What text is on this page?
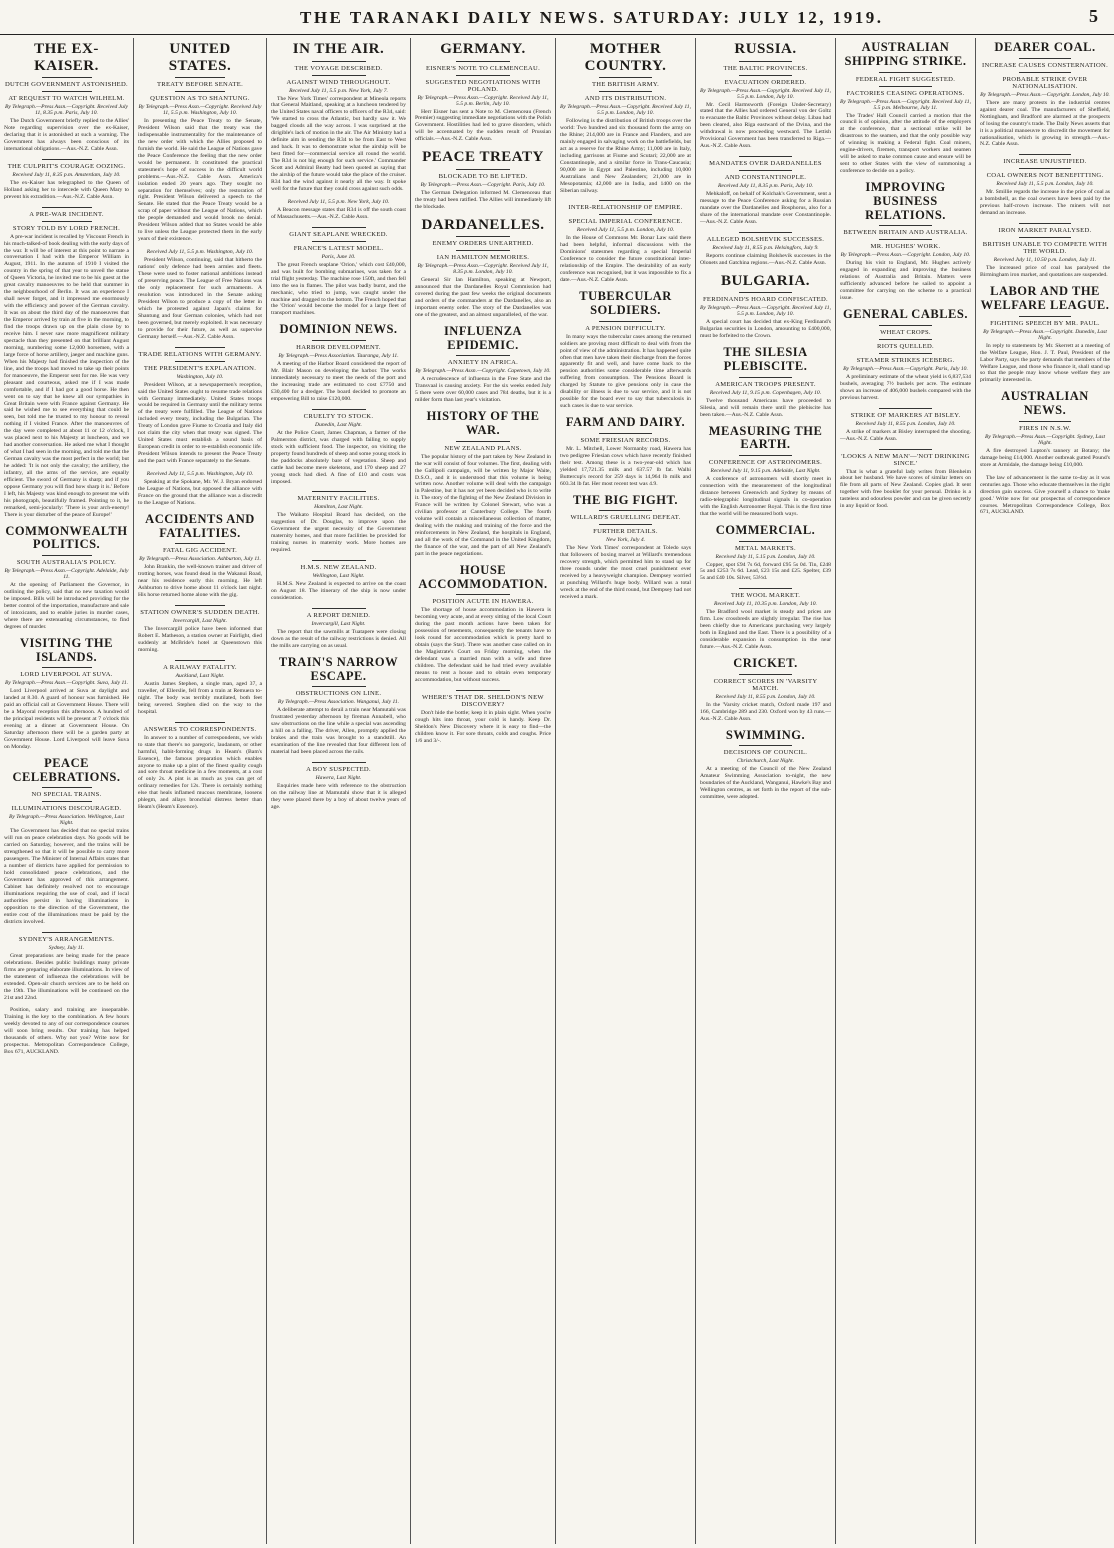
THE TARANAKI DAILY NEWS. SATURDAY: JULY 12, 1919.	5
THE EX-KAISER.
DUTCH GOVERNMENT ASTONISHED.
AT REQUEST TO WATCH WILHELM.
By Telegraph.—Press Assn.—Copyright. Received July 11, 8.35 p.m. Paris, July 10.

The Dutch Government briefly replied to the Allies' Note regarding supervision over the ex-Kaiser, declaring that it is astonished at such a warning. The Government has always been conscious of its international obligations.—Aus.-N.Z. Cable Assn.

THE CULPRIT'S COURAGE OOZING.
Received July 11, 8.35 p.m. Amsterdam, July 10.

The ex-Kaiser has telegraphed to the Queen of Holland asking her to intercede with Queen Mary to prevent his extradition.—Aus.-N.Z. Cable Assn.

A PRE-WAR INCIDENT.
STORY TOLD BY LORD FRENCH.

A pre-war incident is recalled by Viscount French in his much-talked-of book dealing with the early days of the war. It will be of interest at this point to narrate a conversation I had with the Emperor William in August, 1911. In the autumn of 1910 I visited the country in the spring of that year to unveil the statue of Queen Victoria, he invited me to be his guest at the great cavalry manoeuvres to be held that summer in the neighbourhood of Berlin. It was an experience I shall never forget, and it impressed me enormously with the efficiency and power of the German cavalry. It was on about the third day of the manoeuvres that the Emperor arrived by train at five in the morning, to find the troops drawn up on the plain close by to receive him. I never saw more magnificent military spectacle than they presented on that brilliant August morning, numbering some 12,000 horsemen, with a large force of horse artillery, jaeger and machine guns. When his Majesty had finished the inspection of the line, and the troops had moved to take up their points for manoeuvre, the Emperor sent for me. He was very pleasant and courteous, asked me if I was made comfortable, and if I had got a good horse. He then went on to say that he knew all our sympathies in Great Britain were with France against Germany. He said he wished me to see everything that could be seen, but told me he trusted to my honour to reveal nothing if I visited France. After the manoeuvres of the day were completed at about 11 or 12 o'clock, I was placed next to his Majesty at luncheon, and we had another conversation. He asked me what I thought of what I had seen in the morning, and told me that the German cavalry was the most perfect in the world; but he added: 'It is not only the cavalry; the artillery, the infantry, all the arms of the service, are equally efficient. The sword of Germany is sharp; and if you oppose Germany you will find how sharp it is.' Before I left, his Majesty was kind enough to present me with his photograph, beautifully framed. Pointing to it, he remarked, semi-jocularly: 'There is your arch-enemy! There is your disturber of the peace of Europe!'

COMMONWEALTH POLITICS.
SOUTH AUSTRALIA'S POLICY.
By Telegraph.—Press Assn.—Copyright. Adelaide, July 11.

At the opening of Parliament the Governor, in outlining the policy, said that no new taxation would be imposed. Bills will be introduced providing for the better control of the importation, manufacture and sale of intoxicants, and to enable juries in murder cases, where there are extenuating circumstances, to find degrees of murder.

VISITING THE ISLANDS.
LORD LIVERPOOL AT SUVA.
By Telegraph.—Press Assn.—Copyright. Suva, July 11.

Lord Liverpool arrived at Suva at daylight and landed at 8.30. A guard of honour was furnished. He paid an official call at Government House. There will be a Mayoral reception this afternoon. A hundred of the principal residents will be present at 7 o'clock this evening at a dinner at Government House. On Saturday afternoon there will be a garden party at Government House. Lord Liverpool will leave Suva on Monday.

PEACE CELEBRATIONS.
NO SPECIAL TRAINS.
ILLUMINATIONS DISCOURAGED.
By Telegraph.—Press Association. Wellington, Last Night.

The Government has decided that no special trains will run on peace celebration days. No goods will be carried on Saturday, however, and the trains will be strengthened so that it will be possible to carry more passengers. The Minister of Internal Affairs states that a number of districts have applied for permission to hold consolidated peace celebrations, and the Government has approved of this arrangement. Cabinet has definitely resolved not to encourage illuminations requiring the use of coal, and if local authorities persist in having illuminations in opposition to the direction of the Government, the entire cost of the illuminations must be paid by the districts involved.

SYDNEY'S ARRANGEMENTS.
Sydney, July 11.

Great preparations are being made for the peace celebrations. Besides public buildings many private firms are preparing elaborate illuminations. In view of the statement of influenza the celebrations will be extended. Open-air church services are to be held on the 19th. The illuminations will be continued on the 21st and 22nd.

Position, salary and training are inseparable. Training is the key to the combination. A few hours weekly devoted to any of our correspondence courses will soon bring results. Our training has helped thousands of others. Why not you? Write now for prospectus. Metropolitan Correspondence College, Box 671, AUCKLAND.

UNITED STATES.
TREATY BEFORE SENATE.
QUESTION AS TO SHANTUNG.
By Telegraph.—Press Assn.—Copyright. Received July 11, 5.5 p.m. Washington, July 10.

In presenting the Peace Treaty to the Senate, President Wilson said that the treaty was the indispensable instrumentality for the maintenance of the new order with which the Allies proposed to furnish the world. He said the League of Nations gave the Peace Conference the feeling that the new order would be permanent. It constituted the practical statesmen's hope of success in the difficult world problems.—Aus.-N.Z. Cable Assn. America's isolation ended 20 years ago. They sought no separation for themselves; only the restoration of right. President Wilson delivered a speech to the Senate. He stated that the Peace Treaty would be a scrap of paper without the League of Nations, which the people demanded and would brook no denial. President Wilson added that no States would be able to live unless the League protected them in the early years of their existence.

Received July 11, 5.5 p.m. Washington, July 10.

President Wilson, continuing, said that hitherto the nations' only defence had been armies and fleets. These were used to foster national ambitions instead of preserving peace. The League of Free Nations was the only replacement for such armaments. A resolution was introduced in the Senate asking President Wilson to produce a copy of the letter in which he protested against Japan's claims for Shantung and four German colonies, which had not been governed, but merely exploited. It was necessary to provide for their future, as well as supervise Germany herself.—Aus.-N.Z. Cable Assn.

TRADE RELATIONS WITH GERMANY.
THE PRESIDENT'S EXPLANATION.
Washington, July 10.

President Wilson, at a newspapermen's reception, said the United States ought to resume trade relations with Germany immediately. United States troops would be required in Germany until the military terms of the treaty were fulfilled. The League of Nations included every treaty, including the Bulgarian. The Treaty of London gave Fiume to Croatia and Italy did not claim the city when that treaty was signed. The United States must establish a sound basis of European credit in order to re-establish economic life. President Wilson intends to present the Peace Treaty and the pact with France separately to the Senate.

Received July 11, 5.5 p.m. Washington, July 10.

Speaking at the Spokane, Mr. W. J. Bryan endorsed the League of Nations, but opposed the alliance with France on the ground that the alliance was a discredit to the League of Nations.

ACCIDENTS AND FATALITIES.
FATAL GIG ACCIDENT.
By Telegraph.—Press Association. Ashburton, July 11.

John Brankin, the well-known trainer and driver of trotting horses, was found dead in the Wakanui Road, near his residence early this morning. He left Ashburton to drive home about 11 o'clock last night. His horse returned home alone with the gig.

STATION OWNER'S SUDDEN DEATH.
Invercargill, Last Night.

The Invercargill police have been informed that Robert E. Matheson, a station owner at Fairlight, died suddenly at McBride's hotel at Queenstown this morning.

A RAILWAY FATALITY.
Auckland, Last Night.

Austin James Stephen, a single man, aged 37, a traveller, of Ellerslie, fell from a train at Remuera to-night. The body was terribly mutilated, both feet being severed. Stephen died on the way to the hospital.

ANSWERS TO CORRESPONDENTS.

In answer to a number of correspondents, we wish to state that there's no paregoric, laudanum, or other harmful, habit-forming drugs in Heam's (Bam's Essence), the famous preparation which enables anyone to make up a pint of the finest quality cough and sore throat medicine in a few moments, at a cost of only 2s. A pint is as much as you can get of ordinary remedies for 12s. There is certainly nothing else that heals inflamed mucous membrane, loosens phlegm, and allays bronchial distress better than Heam's (Heam's Essence).

IN THE AIR.
THE VOYAGE DESCRIBED.
AGAINST WIND THROUGHOUT.
Received July 11, 5.5 p.m. New York, July 7.

The New York Times' correspondent at Mineola reports that General Maitland, speaking at a luncheon tendered by the United States naval officers to officers of the R34, said: 'We started to cross the Atlantic, but hardly saw it. We bagged clouds all the way across. I was surprised at the dirigible's lack of motion in the air. The Air Ministry had a definite aim in sending the R34 to be from East to West and back. It was to demonstrate what the airship will be best fitted for—commercial service all round the world. The R34 is not big enough for such service.' Commander Scott and Admiral Beatty had been quoted as saying that the airship of the future would take the place of the cruiser. R34 had the wind against it nearly all the way. It spoke well for the future that they could cross against such odds.

Received July 11, 5.5 p.m. New York, July 10.

A Beacon message states that R34 is off the south coast of Massachusetts.—Aus.-N.Z. Cable Assn.

GIANT SEAPLANE WRECKED.
FRANCE'S LATEST MODEL.
Paris, June 10.

The great French seaplane 'Orion,' which cost £40,000, and was built for bombing submarines, was taken for a trial flight yesterday. The machine rose 150ft, and then fell into the sea in flames. The pilot was badly burnt, and the mechanic, who tried to jump, was caught under the machine and dragged to the bottom. The French hoped that the 'Orion' would become the model for a large fleet of transport machines.

DOMINION NEWS.
HARBOR DEVELOPMENT.
By Telegraph.—Press Association. Tauranga, July 11.

A meeting of the Harbor Board considered the report of Mr. Blair Mason on developing the harbor. The works immediately necessary to meet the needs of the port and the increasing trade are estimated to cost £7750 and £30,400 for a dredger. The board decided to promote an empowering Bill to raise £120,000.

CRUELTY TO STOCK.
Dunedin, Last Night.

At the Police Court, James Chapman, a farmer of the Palmerston district, was charged with failing to supply stock with sufficient food. The inspector, on visiting the property found hundreds of sheep and some young stock in the paddocks absolutely bare of vegetation. Sheep and cattle had become mere skeletons, and 170 sheep and 27 young stock had died. A fine of £10 and costs was imposed.

MATERNITY FACILITIES.
Hamilton, Last Night.

The Waikato Hospital Board has decided, on the suggestion of Dr. Douglas, to improve upon the Government the urgent necessity of the Government maternity homes, and that more facilities be provided for training nurses in maternity work. More homes are required.

H.M.S. NEW ZEALAND.
Wellington, Last Night.

H.M.S. New Zealand is expected to arrive on the coast on August 18. The itinerary of the ship is now under consideration.

A REPORT DENIED.
Invercargill, Last Night.

The report that the sawmills at Tuatapere were closing down as the result of the railway restrictions is denied. All the mills are carrying on as usual.

TRAIN'S NARROW ESCAPE.
OBSTRUCTIONS ON LINE.
By Telegraph.—Press Association. Wanganui, July 11.

A deliberate attempt to derail a train near Mamutahi was frustrated yesterday afternoon by fireman Annabell, who saw obstructions on the line while a special was ascending a hill on a falling. The driver, Allen, promptly applied the brakes and the train was brought to a standstill. An examination of the line revealed that four different lots of material had been placed across the rails.

A BOY SUSPECTED.
Hawera, Last Night.

Enquiries made here with reference to the obstruction on the railway line at Mamutahi show that it is alleged they were placed there by a boy of about twelve years of age.

GERMANY.
EISNER'S NOTE TO CLEMENCEAU.
SUGGESTED NEGOTIATIONS WITH POLAND.
By Telegraph.—Press Assn.—Copyright. Received July 11, 5.5 p.m. Berlin, July 10.

Herr Eisner has sent a Note to M. Clemenceau (French Premier) suggesting immediate negotiations with the Polish Government. Hostilities had led to grave disorders, which will be accentuated by the sudden result of Prussian officials.—Aus.-N.Z. Cable Assn.

PEACE TREATY
BLOCKADE TO BE LIFTED.
By Telegraph.—Press Assn.—Copyright. Paris, July 10.

The German Delegation informed M. Clemenceau that the treaty had been ratified. The Allies will immediately lift the blockade.

DARDANELLES.
ENEMY ORDERS UNEARTHED.
IAN HAMILTON MEMORIES.
By Telegraph.—Press Assn.—Copyright. Received July 11, 8.35 p.m. London, July 10.

General Sir Ian Hamilton, speaking at Newport, announced that the Dardanelles Royal Commission had covered during the past few weeks the original documents and orders of the commanders at the Dardanelles, also an important enemy order. The story of the Dardanelles was one of the greatest, and an almost unparalleled, of the war.

INFLUENZA EPIDEMIC.
ANXIETY IN AFRICA.
By Telegraph.—Press Assn.—Copyright. Capetown, July 10.

A recrudescence of influenza in the Free State and the Transvaal is causing anxiety. For the six weeks ended July 5 there were over 60,000 cases and 784 deaths, but it is a milder form than last year's visitation.

HISTORY OF THE WAR.
NEW ZEALAND PLANS.

The popular history of the part taken by New Zealand in the war will consist of four volumes. The first, dealing with the Gallipoli campaign, will be written by Major Waite, D.S.O., and it is understood that this volume is being written now. Another volume will deal with the campaign in Palestine, but it has not yet been decided who is to write it. The story of the fighting of the New Zealand Division in France will be written by Colonel Stewart, who was a civilian professor at Canterbury College. The fourth volume will contain a miscellaneous collection of matter, dealing with the making and training of the force and the reinforcements in New Zealand, the hospitals in England, and all the work of the Command in the United Kingdom, the finance of the war, and the part of all New Zealand's part in the peace negotiations.

HOUSE ACCOMMODATION.
POSITION ACUTE IN HAWERA.

The shortage of house accommodation in Hawera is becoming very acute, and at every sitting of the local Court during the past month actions have been taken for possession of tenements, consequently the tenants have to look round for accommodation which is pretty hard to obtain (says the Star). There was another case called on in the Magistrate's Court on Friday morning, when the defendant was a married man with a wife and three children. The defendant said he had tried every available means to rent a house and to obtain even temporary accommodation, but without success.

WHERE'S THAT DR. SHELDON'S NEW DISCOVERY?

Don't hide the bottle; keep it in plain sight. When you're cough hits into throat, your cold is handy. Keep Dr. Sheldon's New Discovery where it is easy to find—the children know it. For sore throats, colds and coughs. Price 1/6 and 3/-.

MOTHER COUNTRY.
THE BRITISH ARMY.
AND ITS DISTRIBUTION.
By Telegraph.—Press Assn.—Copyright. Received July 11, 5.5 p.m. London, July 10.

Following is the distribution of British troops over the world: Two hundred and six thousand form the army on the Rhine; 214,000 are in France and Flanders, and are mainly engaged in salvaging work on the battlefields, but act as a reserve for the Rhine Army; 11,000 are in Italy, including garrisons at Fiume and Scutari; 22,000 are at Constantinople, and a similar force in Trans-Caucasia; 90,000 are in Egypt and Palestine, including 10,000 Australians and New Zealanders; 21,000 are in Mesopotamia; 42,000 are in India, and 1400 on the Siberian railway.

INTER-RELATIONSHIP OF EMPIRE.
SPECIAL IMPERIAL CONFERENCE.
Received July 11, 5.5 p.m. London, July 10.

In the House of Commons Mr. Bonar Law said there had been helpful, informal discussions with the Dominions' statesmen regarding a special Imperial Conference to consider the future constitutional inter-relationship of the Empire. The desirability of an early conference was recognised, but it was impossible to fix a date.—Aus.-N.Z. Cable Assn.

TUBERCULAR SOLDIERS.
A PENSION DIFFICULTY.

In many ways the tubercular cases among the returned soldiers are proving most difficult to deal with from the point of view of the administration. It has happened quite often that men have taken their discharge from the forces apparently fit and well, and have come back to the pension authorities some considerable time afterwards suffering from consumption. The Pensions Board is charged by Statute to give pensions only in case the disability or illness is due to war service, and it is not possible for the board ever to say that tuberculosis in such cases is due to war service.

FARM AND DAIRY.
SOME FRIESIAN RECORDS.

Mr. L. Mitchell, Lower Normanby road, Hawera has two pedigree Friesian cows which have recently finished their test. Among these is a two-year-old which has yielded 17,721.35 milk and 637.57 lb fat. Walhi Buttercup's record for 259 days is 14,964 lb milk and 603.34 lb fat. Her most recent test was 4.9.

THE BIG FIGHT.
WILLARD'S GRUELLING DEFEAT.
FURTHER DETAILS.
New York, July 4.

The New York Times' correspondent at Toledo says that followers of boxing marvel at Willard's tremendous recovery strength, which permitted him to stand up for three rounds under the most cruel punishment ever received by a heavyweight champion. Dempsey worried at punching Willard's huge body. Willard was a total wreck at the end of the third round, but Dempsey had not received a mark.

RUSSIA.
THE BALTIC PROVINCES.
EVACUATION ORDERED.
By Telegraph.—Press Assn.—Copyright. Received July 11, 5.5 p.m. London, July 10.

Mr. Cecil Harmsworth (Foreign Under-Secretary) stated that the Allies had ordered General von der Goltz to evacuate the Baltic Provinces without delay. Libau had been cleared, also Riga eastward of the Dvina, and the withdrawal is now proceeding westward. The Lettish Provisional Government has been transferred to Riga.—Aus.-N.Z. Cable Assn.

MANDATES OVER DARDANELLES
AND CONSTANTINOPLE.
Received July 11, 8.35 p.m. Paris, July 10.

Mehkaloff, on behalf of Kolchak's Government, sent a message to the Peace Conference asking for a Russian mandate over the Dardanelles and Bosphorus, also for a share of the international mandate over Constantinople.—Aus.-N.Z. Cable Assn.

ALLEGED BOLSHEVIK SUCCESSES.
Received July 11, 8.55 p.m. Helsingfors, July 9.

Reports continue claiming Bolshevik successes in the Olonets and Gatchina regions.—Aus.-N.Z. Cable Assn.

BULGARIA.
FERDINAND'S HOARD CONFISCATED.
By Telegraph.—Press Assn.—Copyright. Received July 11, 5.5 p.m. London, July 10.

A special court has decided that ex-King Ferdinand's Bulgarian securities in London, amounting to £400,000, must be forfeited to the Crown.

THE SILESIA PLEBISCITE.
AMERICAN TROOPS PRESENT.
Received July 11, 9.15 p.m. Copenhagen, July 10.

Twelve thousand Americans have proceeded to Silesia, and will remain there until the plebiscite has been taken.—Aus.-N.Z. Cable Assn.

MEASURING THE EARTH.
CONFERENCE OF ASTRONOMERS.
Received July 11, 9.15 p.m. Adelaide, Last Night.

A conference of astronomers will shortly meet in connection with the measurement of the longitudinal distance between Greenwich and Sydney by means of radio-telegraphic longitudinal signals in co-operation with the English Astronomer Royal. This is the first time that the world will be measured both ways.

COMMERCIAL.
METAL MARKETS.
Received July 11, 5.15 p.m. London, July 10.

Copper, spot £94 7s 6d, forward £95 5s 0d. Tin, £248 5s and £253 7s 6d. Lead, £23 15s and £25. Spelter, £39 5s and £40 10s. Silver, 53½d.

THE WOOL MARKET.
Received July 11, 10.35 p.m. London, July 10.

The Bradford wool market is steady and prices are firm. Low crossbreds are slightly irregular. The rise has been chiefly due to Americans purchasing very largely both in England and the East. There is a possibility of a considerable expansion in consumption in the near future.—Aus.-N.Z. Cable Assn.

CRICKET.
CORRECT SCORES IN 'VARSITY MATCH.
Received July 11, 8.55 p.m. London, July 10.

In the 'Varsity cricket match, Oxford made 197 and 166, Cambridge 289 and 230. Oxford won by 43 runs.—Aus.-N.Z. Cable Assn.

SWIMMING.
DECISIONS OF COUNCIL.
Christchurch, Last Night.

At a meeting of the Council of the New Zealand Amateur Swimming Association to-night, the new boundaries of the Auckland, Wanganui, Hawke's Bay and Wellington centres, as set forth in the report of the sub-committee, were adopted.

AUSTRALIAN SHIPPING STRIKE.
FEDERAL FIGHT SUGGESTED.
FACTORIES CEASING OPERATIONS.
By Telegraph.—Press Assn.—Copyright. Received July 11, 5.5 p.m. Melbourne, July 11.

The Trades' Hall Council carried a motion that the council is of opinion, after the attitude of the employers at the conference, that a sectional strike will be disastrous to the seamen, and that the only possible way of winning is making a Federal fight. Coal miners, engine-drivers, firemen, transport workers and seamen will be asked to make common cause and ensure will be sent to other States with the view of summoning a conference to decide on a policy.

IMPROVING BUSINESS RELATIONS.
BETWEEN BRITAIN AND AUSTRALIA.
MR. HUGHES' WORK.
By Telegraph.—Press Assn.—Copyright. London, July 10.

During his visit to England, Mr. Hughes actively engaged in expanding and improving the business relations of Australia and Britain. Matters were sufficiently advanced before he sailed to appoint a committee for carrying on the scheme to a practical issue.

GENERAL CABLES.
WHEAT CROPS.
RIOTS QUELLED.
STEAMER STRIKES ICEBERG.
By Telegraph.—Press Assn.—Copyright. Paris, July 10.

A preliminary estimate of the wheat yield is 6,837,534 bushels, averaging 7½ bushels per acre. The estimate shows an increase of 406,000 bushels compared with the previous harvest.

STRIKE OF MARKERS AT BISLEY.
Received July 11, 8.55 p.m. London, July 10.

A strike of markers at Bisley interrupted the shooting.—Aus.-N.Z. Cable Assn.

'LOOKS A NEW MAN'—'NOT DRINKING SINCE.'

That is what a grateful lady writes from Blenheim about her husband. We have scores of similar letters on file from all parts of New Zealand. Copies glad. It sent together with free booklet for your perusal. Drinko is a tasteless and odourless powder and can be given secretly in any liquid or food.

DEARER COAL.
INCREASE CAUSES CONSTERNATION.
PROBABLE STRIKE OVER NATIONALISATION.
By Telegraph.—Press Assn.—Copyright. London, July 10.

There are many protests in the industrial centres against dearer coal. The manufacturers of Sheffield, Nottingham, and Bradford are alarmed at the prospects of losing the country's trade. The Daily News asserts that it is a political manoeuvre to discredit the movement for nationalisation, which is growing in strength.—Aus.-N.Z. Cable Assn.

INCREASE UNJUSTIFIED.
COAL OWNERS NOT BENEFITTING.
Received July 11, 5.5 p.m. London, July 10.

Mr. Smillie regards the increase in the price of coal as a bombshell, as the coal owners have been paid by the previous half-crown increase. The miners will not demand an increase.

IRON MARKET PARALYSED.
BRITISH UNABLE TO COMPETE WITH THE WORLD.
Received July 11, 10.50 p.m. London, July 11.

The increased price of coal has paralysed the Birmingham iron market, and quotations are suspended.

LABOR AND THE WELFARE LEAGUE.
FIGHTING SPEECH BY MR. PAUL.
By Telegraph.—Press Assn.—Copyright. Dunedin, Last Night.

In reply to statements by Mr. Skerrett at a meeting of the Welfare League, Hon. J. T. Paul, President of the Labor Party, says the party demands that members of the Welfare League, and those who finance it, shall stand up so that the people may know whose welfare they are primarily interested in.

AUSTRALIAN NEWS.
FIRES IN N.S.W.
By Telegraph.—Press Assn.—Copyright. Sydney, Last Night.

A fire destroyed Lupton's tannery at Botany; the damage being £14,000. Another outbreak gutted Pound's store at Armidale, the damage being £10,000.

The law of advancement is the same to-day as it was centuries ago. Those who educate themselves in the right direction gain success. Give yourself a chance to 'make good.' Write now for our prospectus of correspondence courses. Metropolitan Correspondence College, Box 671, AUCKLAND.
